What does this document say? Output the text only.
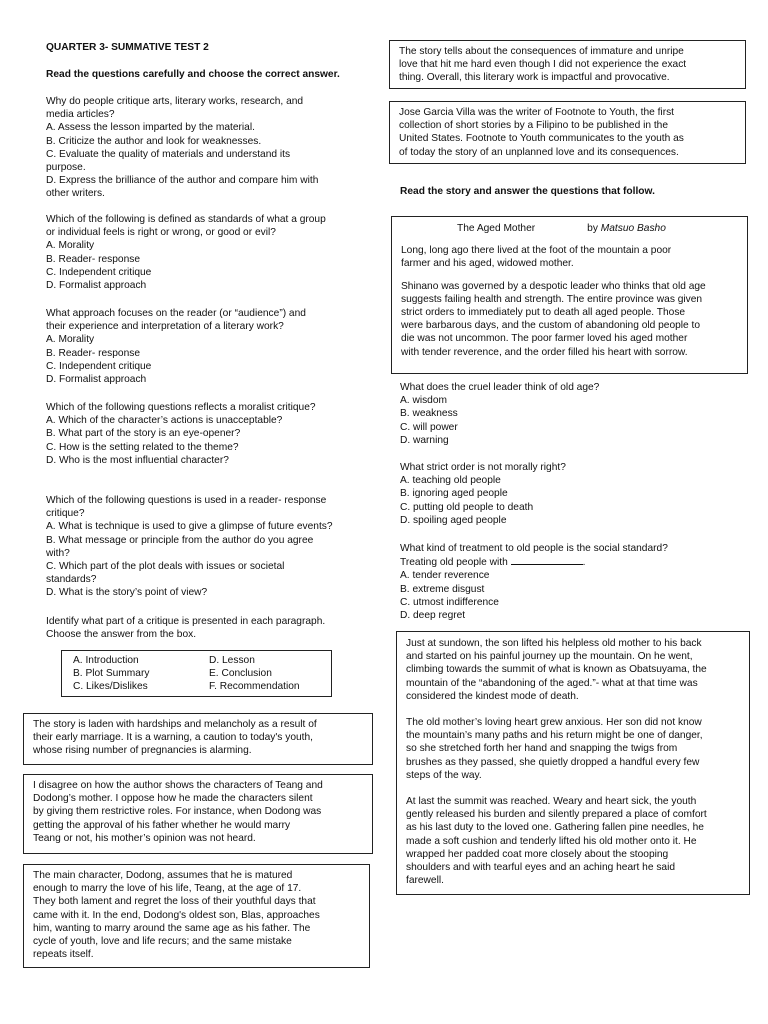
QUARTER 3- SUMMATIVE TEST 2
Read the questions carefully and choose the correct answer.

Why do people critique arts, literary works, research, and

media articles?

A. Assess the lesson imparted by the material.

B. Criticize the author and look for weaknesses.

C. Evaluate the quality of materials and understand its

purpose.

D. Express the brilliance of the author and compare him with

other writers.

Which of the following is defined as standards of what a group

or individual feels is right or wrong, or good or evil?

A. Morality

B. Reader- response

C. Independent critique

D. Formalist approach

What approach focuses on the reader (or “audience”) and

their experience and interpretation of a literary work?

A. Morality

B. Reader- response

C. Independent critique

D. Formalist approach

Which of the following questions reflects a moralist critique?

A. Which of the character’s actions is unacceptable?

B. What part of the story is an eye-opener?

C. How is the setting related to the theme?

D. Who is the most influential character?

Which of the following questions is used in a reader- response

critique?

A. What is technique is used to give a glimpse of future events?

B. What message or principle from the author do you agree

with?

C. Which part of the plot deals with issues or societal

standards?

D. What is the story’s point of view?

Identify what part of a critique is presented in each paragraph.

Choose the answer from the box.

A. Introduction	D. Lesson
B. Plot Summary	E. Conclusion
C. Likes/Dislikes	F. Recommendation

The story is laden with hardships and melancholy as a result of

their early marriage. It is a warning, a caution to today's youth,

whose rising number of pregnancies is alarming.

I disagree on how the author shows the characters of Teang and

Dodong’s mother. I oppose how he made the characters silent

by giving them restrictive roles. For instance, when Dodong was

getting the approval of his father whether he would marry

Teang or not, his mother’s opinion was not heard.

The main character, Dodong, assumes that he is matured

enough to marry the love of his life, Teang, at the age of 17.

They both lament and regret the loss of their youthful days that

came with it. In the end, Dodong's oldest son, Blas, approaches

him, wanting to marry around the same age as his father. The

cycle of youth, love and life recurs; and the same mistake

repeats itself.

The story tells about the consequences of immature and unripe

love that hit me hard even though I did not experience the exact

thing. Overall, this literary work is impactful and provocative.

Jose Garcia Villa was the writer of Footnote to Youth, the first

collection of short stories by a Filipino to be published in the

United States. Footnote to Youth communicates to the youth as

of today the story of an unplanned love and its consequences.

Read the story and answer the questions that follow.
The Aged Mother	by Matsuo Basho

Long, long ago there lived at the foot of the mountain a poor

farmer and his aged, widowed mother.

Shinano was governed by a despotic leader who thinks that old age

suggests failing health and strength. The entire province was given

strict orders to immediately put to death all aged people. Those

were barbarous days, and the custom of abandoning old people to

die was not uncommon. The poor farmer loved his aged mother

with tender reverence, and the order filled his heart with sorrow.

What does the cruel leader think of old age?

A. wisdom

B. weakness

C. will power

D. warning

What strict order is not morally right?

A. teaching old people

B. ignoring aged people

C. putting old people to death

D. spoiling aged people

What kind of treatment to old people is the social standard?

Treating old people with	.

A. tender reverence

B. extreme disgust

C. utmost indifference

D. deep regret

Just at sundown, the son lifted his helpless old mother to his back

and started on his painful journey up the mountain. On he went,

climbing towards the summit of what is known as Obatsuyama, the

mountain of the “abandoning of the aged.”- what at that time was

considered the kindest mode of death.

The old mother’s loving heart grew anxious. Her son did not know

the mountain’s many paths and his return might be one of danger,

so she stretched forth her hand and snapping the twigs from

brushes as they passed, she quietly dropped a handful every few

steps of the way.

At last the summit was reached. Weary and heart sick, the youth

gently released his burden and silently prepared a place of comfort

as his last duty to the loved one. Gathering fallen pine needles, he

made a soft cushion and tenderly lifted his old mother onto it. He

wrapped her padded coat more closely about the stooping

shoulders and with tearful eyes and an aching heart he said

farewell.
